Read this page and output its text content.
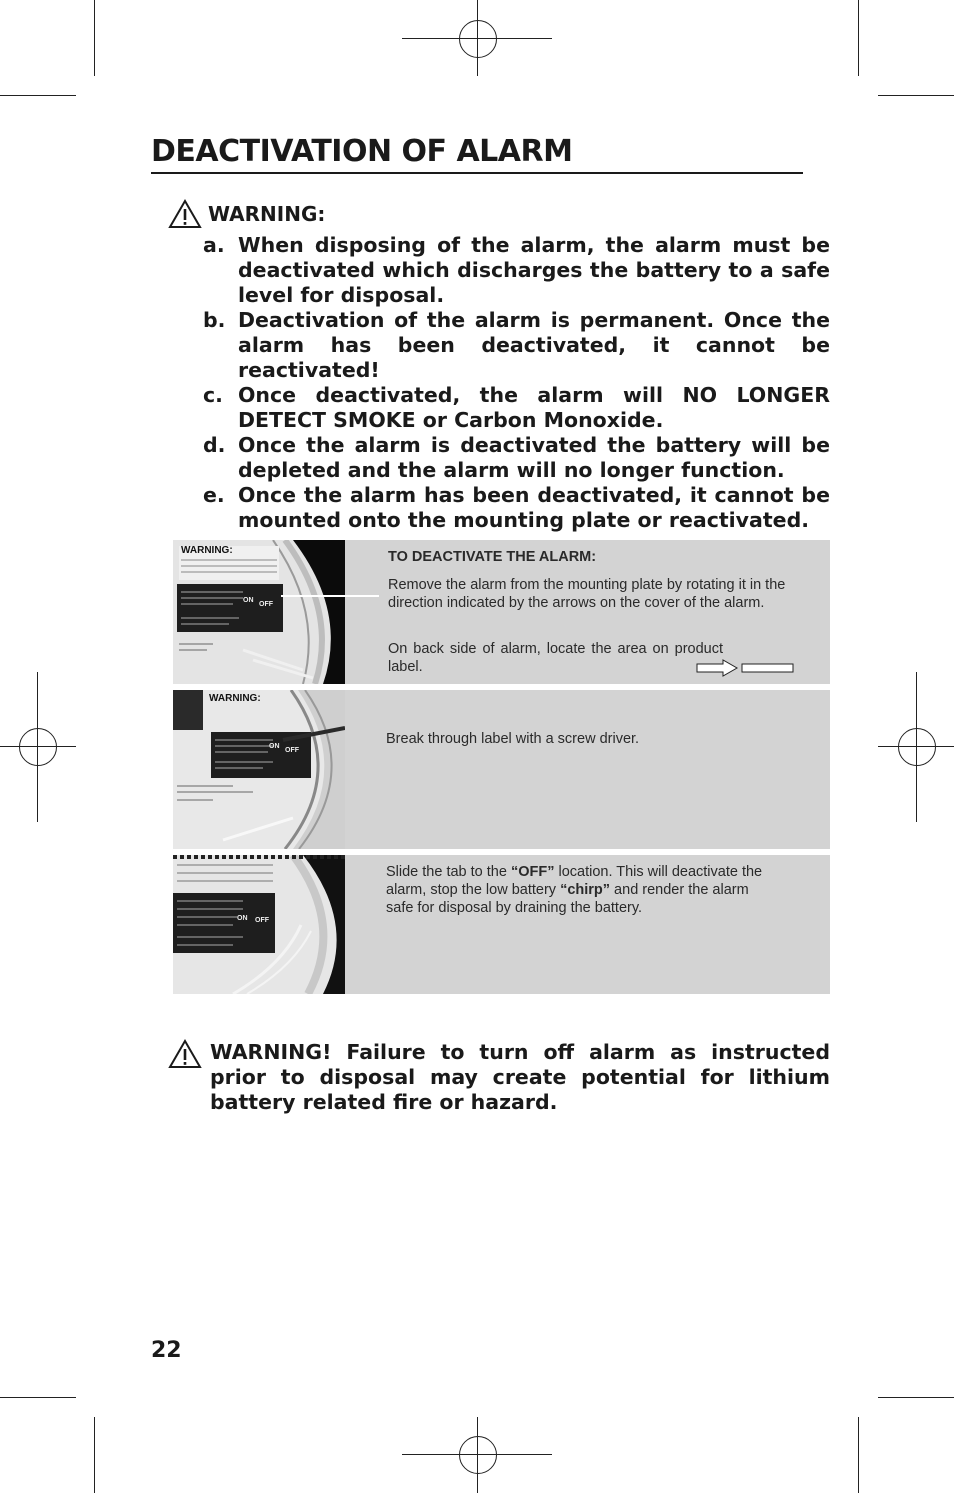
DEACTIVATION OF ALARM
WARNING:
a. When disposing of the alarm, the alarm must be deactivated which discharges the battery to a safe level for disposal.
b. Deactivation of the alarm is permanent. Once the alarm has been deactivated, it cannot be reactivated!
c. Once deactivated, the alarm will NO LONGER DETECT SMOKE or Carbon Monoxide.
d. Once the alarm is deactivated the battery will be depleted and the alarm will no longer function.
e. Once the alarm has been deactivated, it cannot be mounted onto the mounting plate or reactivated.
WARNING:
ON
OFF
TO DEACTIVATE THE ALARM:
Remove the alarm from the mounting plate by rotating it in the direction indicated by the arrows on the cover of the alarm.
On back side of alarm, locate the area on product label.
WARNING:
ON
OFF
Break through label with a screw driver.
ON OFF
Slide the tab to the “OFF” location. This will deactivate the alarm, stop the low battery “chirp” and render the alarm safe for disposal by draining the battery.
WARNING! Failure to turn off alarm as instructed prior to disposal may create potential for lithium battery related fire or hazard.
22
